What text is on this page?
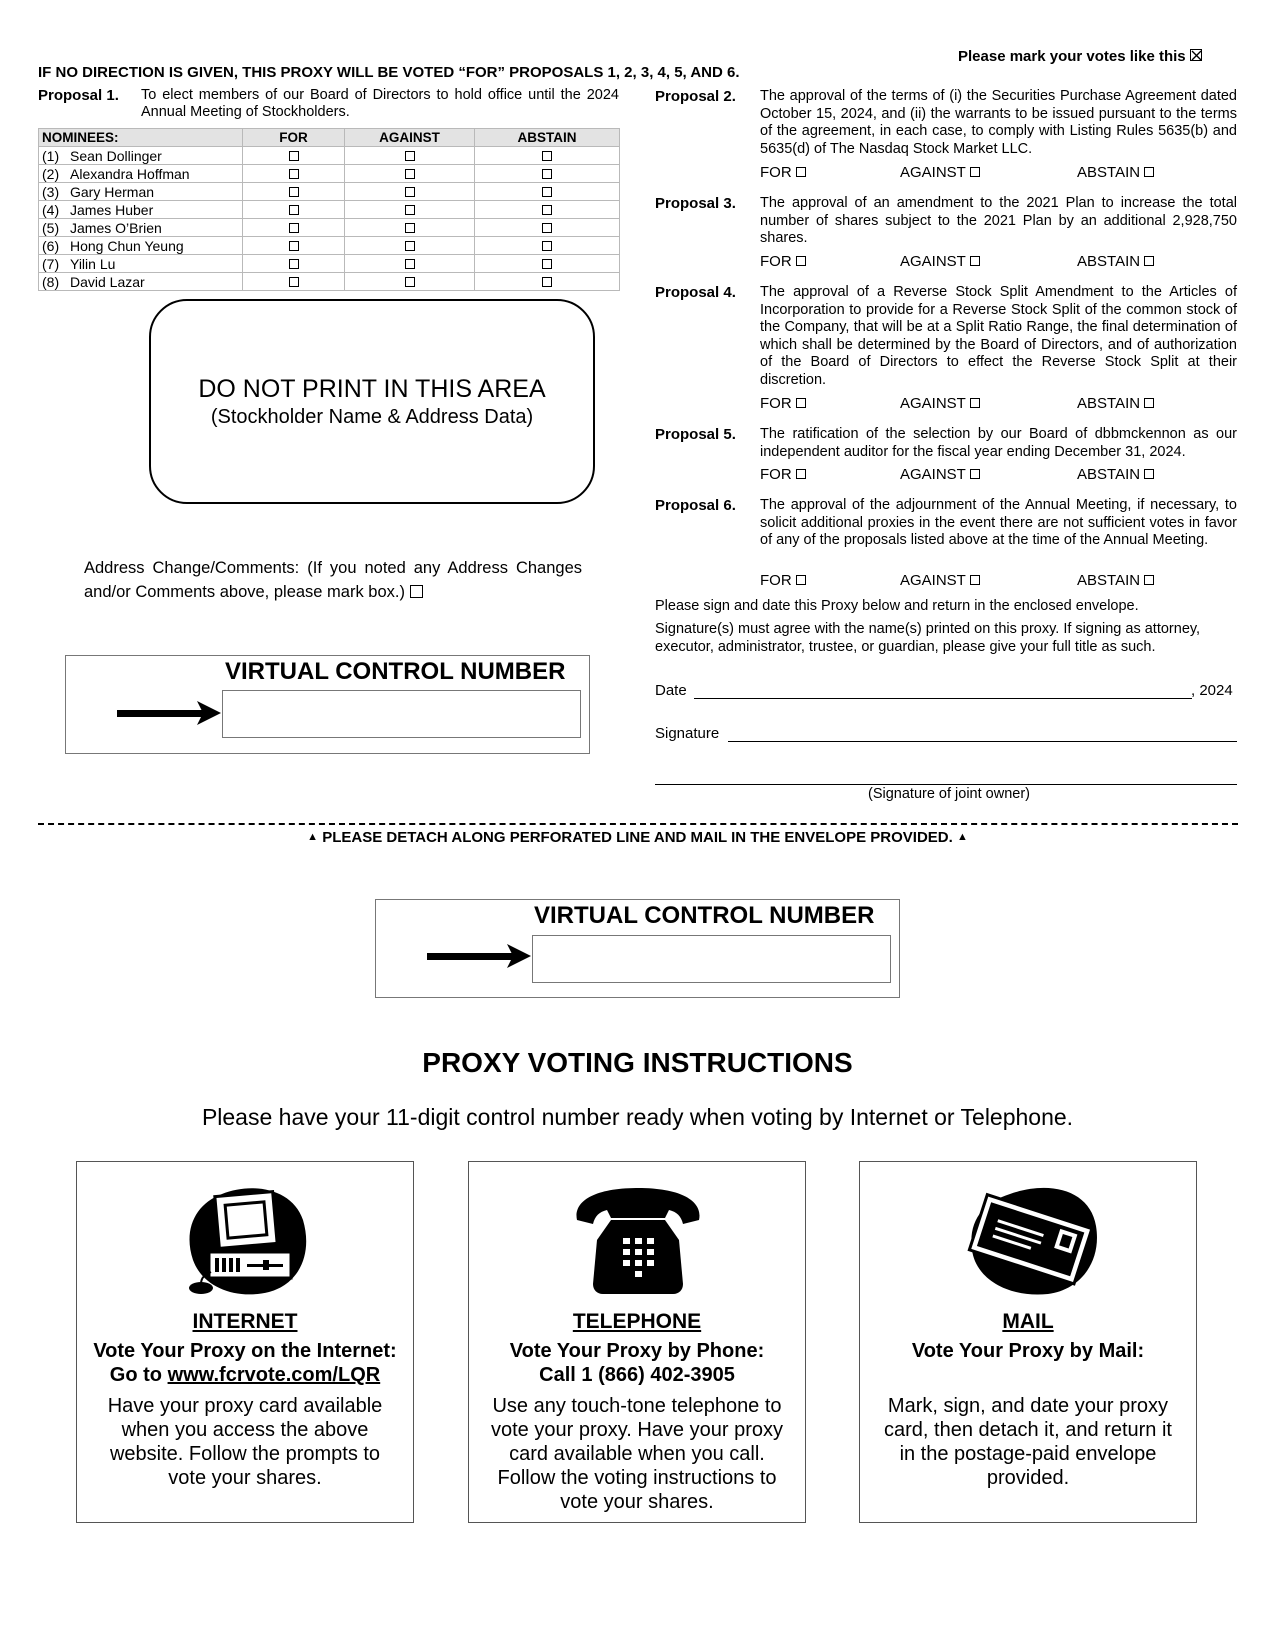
Please mark your votes like this
IF NO DIRECTION IS GIVEN, THIS PROXY WILL BE VOTED “FOR” PROPOSALS 1, 2, 3, 4, 5, AND 6.
Proposal 1. To elect members of our Board of Directors to hold office until the 2024 Annual Meeting of Stockholders.
NOMINEES:	FOR	AGAINST	ABSTAIN
(1) Sean Dollinger			
(2) Alexandra Hoffman			
(3) Gary Herman			
(4) James Huber			
(5) James O’Brien			
(6) Hong Chun Yeung			
(7) Yilin Lu			
(8) David Lazar			
DO NOT PRINT IN THIS AREA
(Stockholder Name & Address Data)
Address Change/Comments: (If you noted any Address Changes and/or Comments above, please mark box.)
VIRTUAL CONTROL NUMBER
Proposal 2. The approval of the terms of (i) the Securities Purchase Agreement dated October 15, 2024, and (ii) the warrants to be issued pursuant to the terms of the agreement, in each case, to comply with Listing Rules 5635(b) and 5635(d) of The Nasdaq Stock Market LLC.
FOR	AGAINST	ABSTAIN
Proposal 3. The approval of an amendment to the 2021 Plan to increase the total number of shares subject to the 2021 Plan by an additional 2,928,750 shares.
FOR	AGAINST	ABSTAIN
Proposal 4. The approval of a Reverse Stock Split Amendment to the Articles of Incorporation to provide for a Reverse Stock Split of the common stock of the Company, that will be at a Split Ratio Range, the final determination of which shall be determined by the Board of Directors, and of authorization of the Board of Directors to effect the Reverse Stock Split at their discretion.
FOR	AGAINST	ABSTAIN
Proposal 5. The ratification of the selection by our Board of dbbmckennon as our independent auditor for the fiscal year ending December 31, 2024.
FOR	AGAINST	ABSTAIN
Proposal 6. The approval of the adjournment of the Annual Meeting, if necessary, to solicit additional proxies in the event there are not sufficient votes in favor of any of the proposals listed above at the time of the Annual Meeting.
FOR	AGAINST	ABSTAIN
Please sign and date this Proxy below and return in the enclosed envelope.
Signature(s) must agree with the name(s) printed on this proxy. If signing as attorney, executor, administrator, trustee, or guardian, please give your full title as such.
Date	, 2024
Signature
(Signature of joint owner)
▲ PLEASE DETACH ALONG PERFORATED LINE AND MAIL IN THE ENVELOPE PROVIDED. ▲
VIRTUAL CONTROL NUMBER
PROXY VOTING INSTRUCTIONS
Please have your 11-digit control number ready when voting by Internet or Telephone.
INTERNET
Vote Your Proxy on the Internet:
Go to www.fcrvote.com/LQR
Have your proxy card available when you access the above website. Follow the prompts to vote your shares.
TELEPHONE
Vote Your Proxy by Phone:
Call 1 (866) 402-3905
Use any touch-tone telephone to vote your proxy. Have your proxy card available when you call. Follow the voting instructions to vote your shares.
MAIL
Vote Your Proxy by Mail:
Mark, sign, and date your proxy card, then detach it, and return it in the postage-paid envelope provided.
